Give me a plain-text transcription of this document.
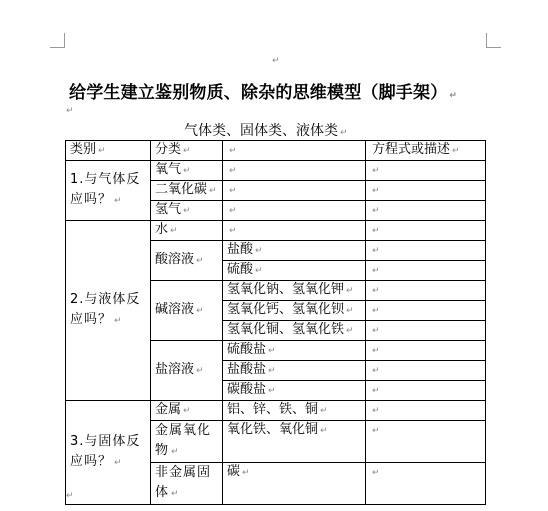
↵
给学生建立鉴别物质、除杂的思维模型（脚手架） ↵
↵
气体类、固体类、液体类 ↵
类别 ↵	分类 ↵	↵	方程式或描述 ↵
1.与气体反应吗？ ↵	氧气 ↵	↵	↵
	二氧化碳 ↵	↵	↵
	氢气 ↵	↵	↵
2.与液体反应吗？ ↵	水 ↵	↵	↵
	酸溶液 ↵	盐酸 ↵	↵
		硫酸 ↵	↵
	碱溶液 ↵	氢氧化钠、氢氧化钾 ↵	↵
		氢氧化钙、氢氧化钡 ↵	↵
		氢氧化铜、氢氧化铁 ↵	↵
	盐溶液 ↵	硫酸盐 ↵	↵
		盐酸盐 ↵	↵
		碳酸盐 ↵	↵
3.与固体反应吗？ ↵	金属 ↵	铝、锌、铁、铜 ↵	↵
	金属氧化物 ↵	氧化铁、氧化铜 ↵	↵
	非金属固体 ↵	碳 ↵	↵
↵
